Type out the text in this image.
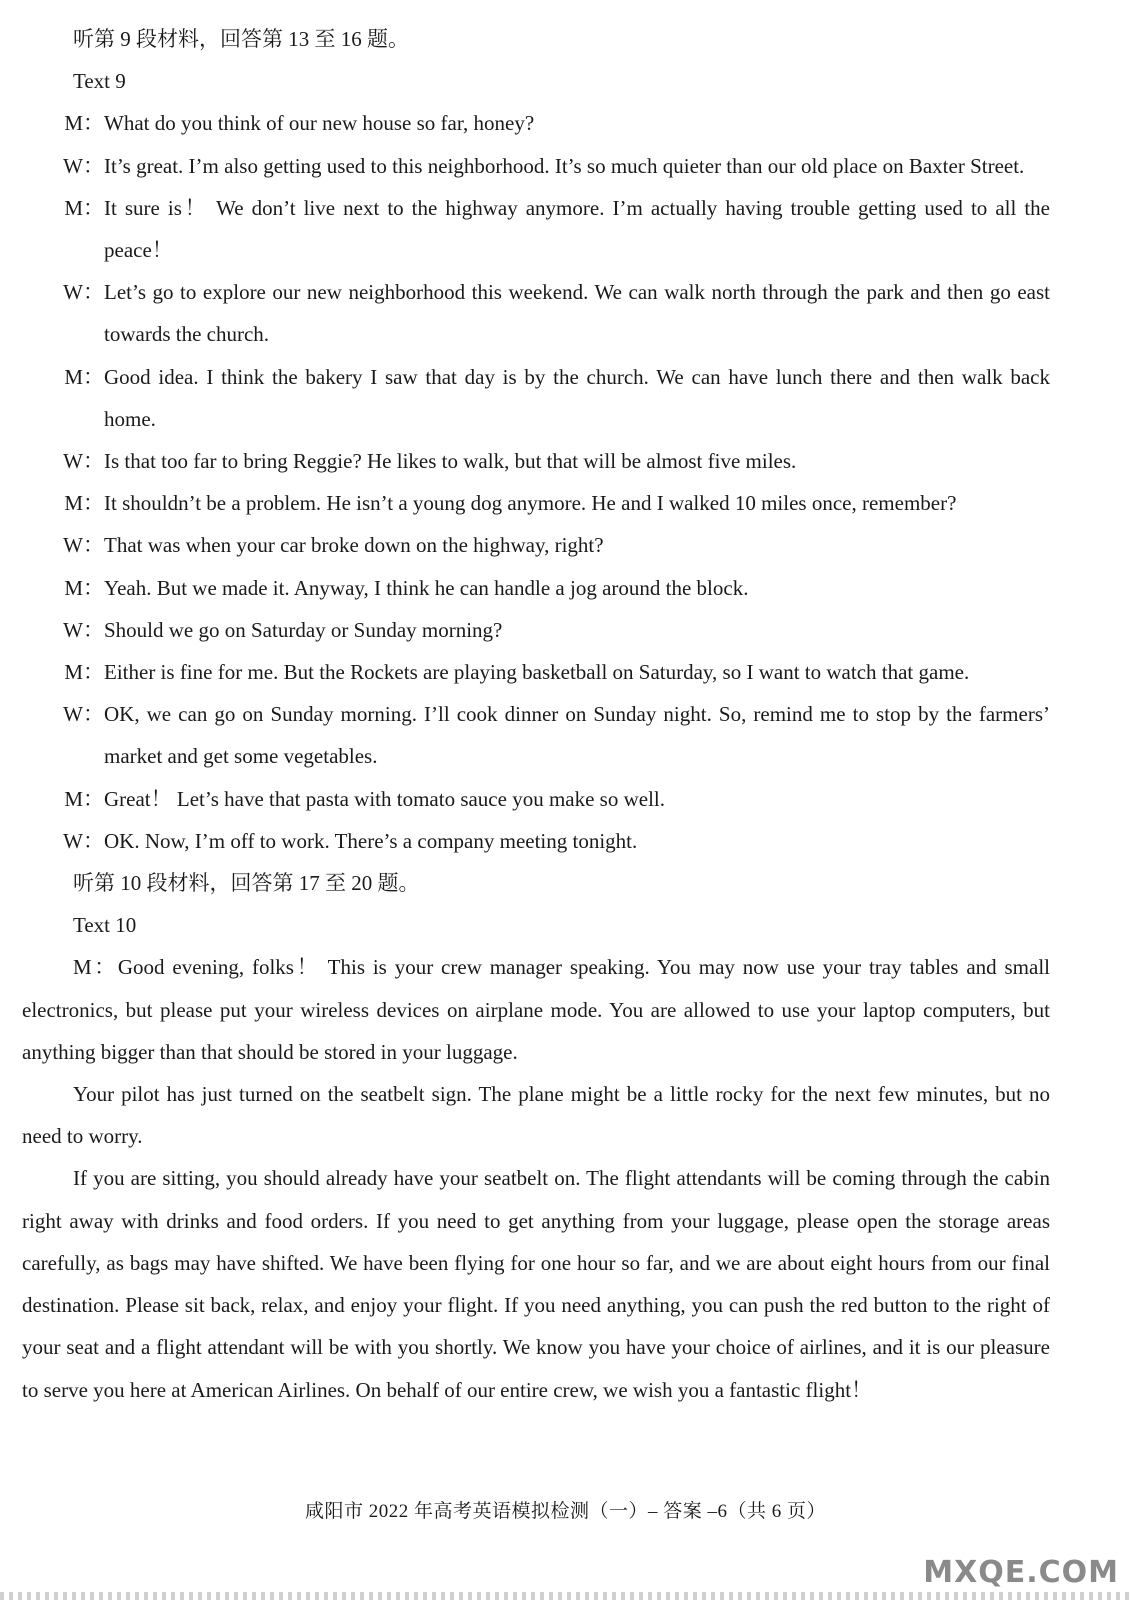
听第 9 段材料，回答第 13 至 16 题。
Text 9
M： What do you think of our new house so far, honey?
W： It’s great. I’m also getting used to this neighborhood. It’s so much quieter than our old place on Baxter Street.
M： It sure is！ We don’t live next to the highway anymore. I’m actually having trouble getting used to all the peace！
W： Let’s go to explore our new neighborhood this weekend. We can walk north through the park and then go east towards the church.
M： Good idea. I think the bakery I saw that day is by the church. We can have lunch there and then walk back home.
W： Is that too far to bring Reggie? He likes to walk, but that will be almost five miles.
M： It shouldn’t be a problem. He isn’t a young dog anymore. He and I walked 10 miles once, remember?
W： That was when your car broke down on the highway, right?
M： Yeah. But we made it. Anyway, I think he can handle a jog around the block.
W： Should we go on Saturday or Sunday morning?
M： Either is fine for me. But the Rockets are playing basketball on Saturday, so I want to watch that game.
W： OK, we can go on Sunday morning. I’ll cook dinner on Sunday night. So, remind me to stop by the farmers’ market and get some vegetables.
M： Great！ Let’s have that pasta with tomato sauce you make so well.
W： OK. Now, I’m off to work. There’s a company meeting tonight.
听第 10 段材料，回答第 17 至 20 题。
Text 10

M：Good evening, folks！ This is your crew manager speaking. You may now use your tray tables and small electronics, but please put your wireless devices on airplane mode. You are allowed to use your laptop computers, but anything bigger than that should be stored in your luggage.

Your pilot has just turned on the seatbelt sign. The plane might be a little rocky for the next few minutes, but no need to worry.

If you are sitting, you should already have your seatbelt on. The flight attendants will be coming through the cabin right away with drinks and food orders. If you need to get anything from your luggage, please open the storage areas carefully, as bags may have shifted. We have been flying for one hour so far, and we are about eight hours from our final destination. Please sit back, relax, and enjoy your flight. If you need anything, you can push the red button to the right of your seat and a flight attendant will be with you shortly. We know you have your choice of airlines, and it is our pleasure to serve you here at American Airlines. On behalf of our entire crew, we wish you a fantastic flight！

咸阳市 2022 年高考英语模拟检测（一）– 答案 –6（共 6 页）
MXQE.COM
